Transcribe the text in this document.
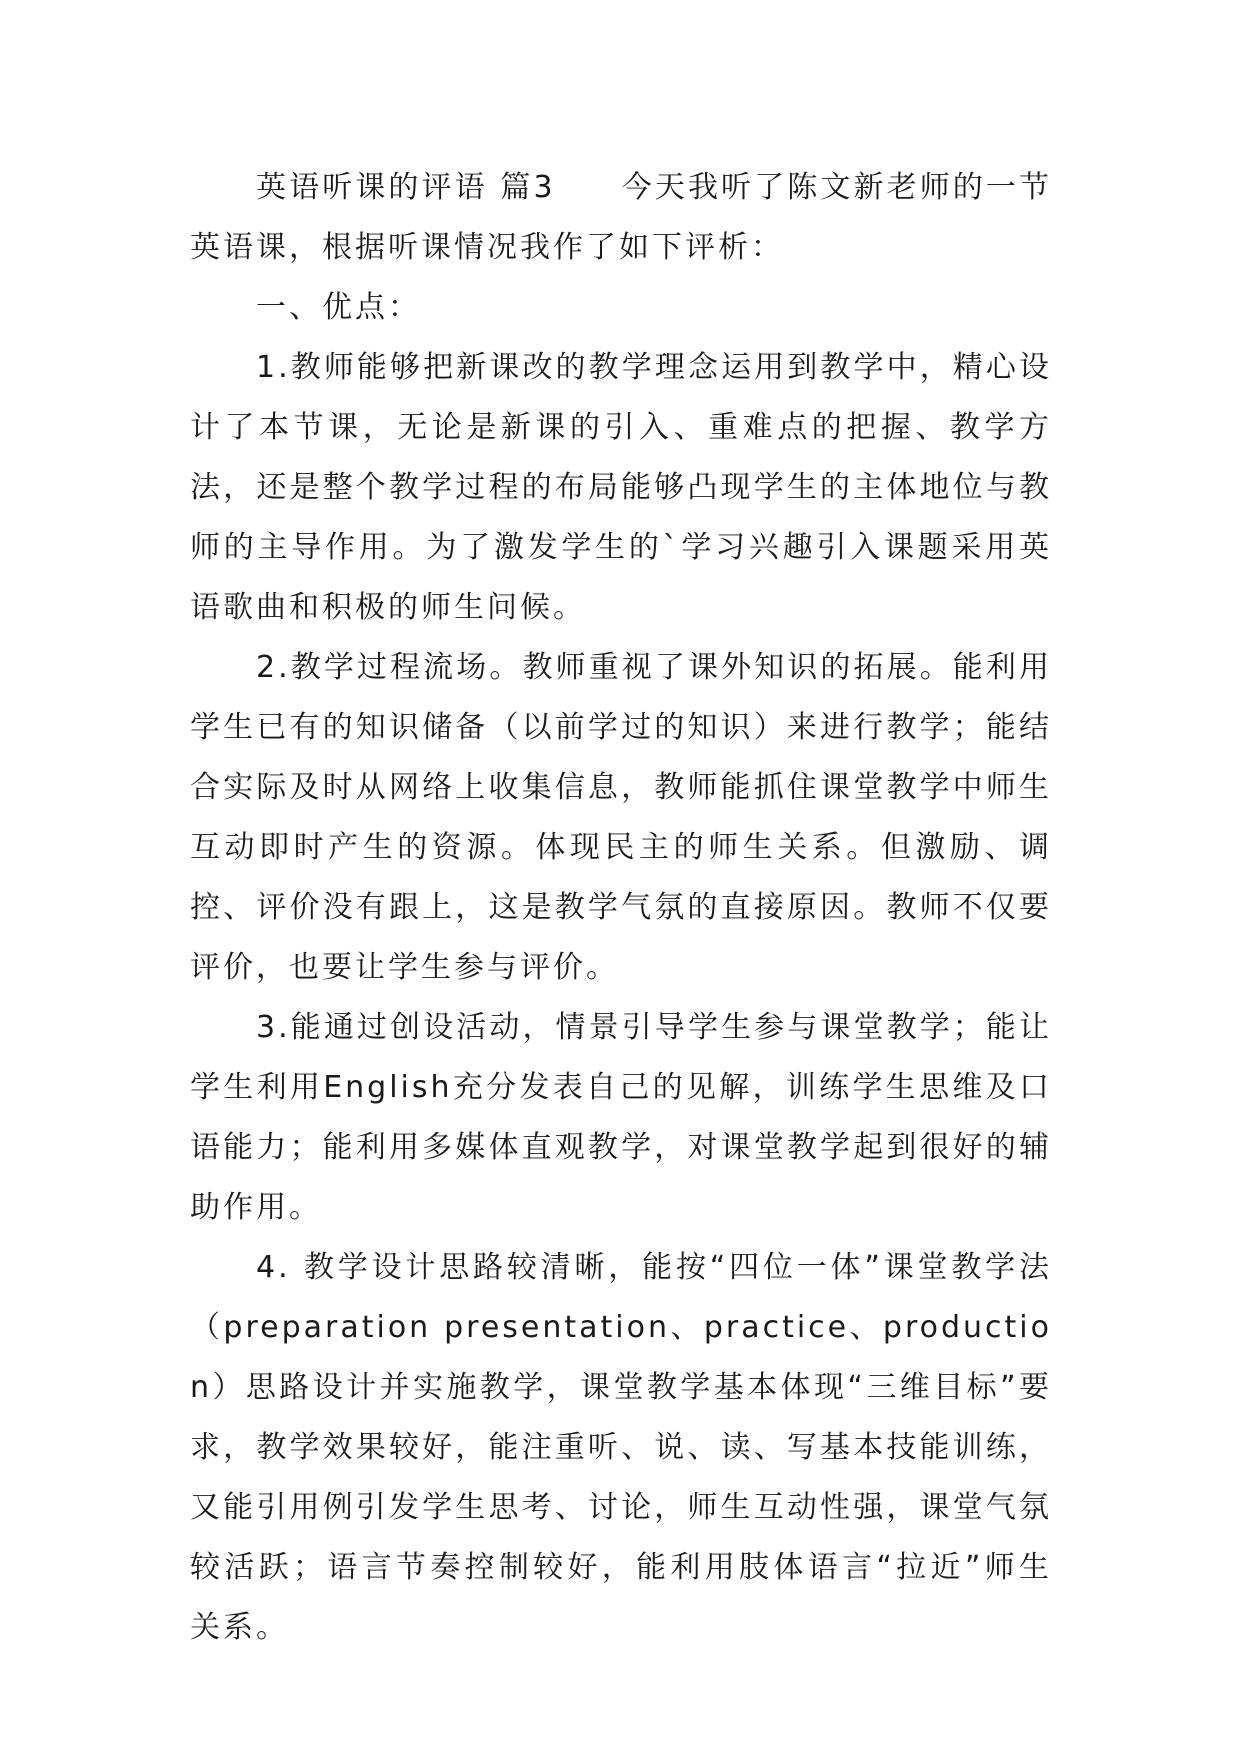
英语听课的评语 篇3 今天我听了陈文新老师的一节英语课，根据听课情况我作了如下评析：

一、优点：

1.教师能够把新课改的教学理念运用到教学中，精心设计了本节课，无论是新课的引入、重难点的把握、教学方法，还是整个教学过程的布局能够凸现学生的主体地位与教师的主导作用。为了激发学生的`学习兴趣引入课题采用英语歌曲和积极的师生问候。

2.教学过程流场。教师重视了课外知识的拓展。能利用学生已有的知识储备（以前学过的知识）来进行教学；能结合实际及时从网络上收集信息，教师能抓住课堂教学中师生互动即时产生的资源。体现民主的师生关系。但激励、调控、评价没有跟上，这是教学气氛的直接原因。教师不仅要评价，也要让学生参与评价。

3.能通过创设活动，情景引导学生参与课堂教学；能让学生利用English充分发表自己的见解，训练学生思维及口语能力；能利用多媒体直观教学，对课堂教学起到很好的辅助作用。

4. 教学设计思路较清晰，能按“四位一体”课堂教学法（preparation presentation、practice、production）思路设计并实施教学，课堂教学基本体现“三维目标”要求，教学效果较好，能注重听、说、读、写基本技能训练，又能引用例引发学生思考、讨论，师生互动性强，课堂气氛较活跃；语言节奏控制较好，能利用肢体语言“拉近”师生关系。
